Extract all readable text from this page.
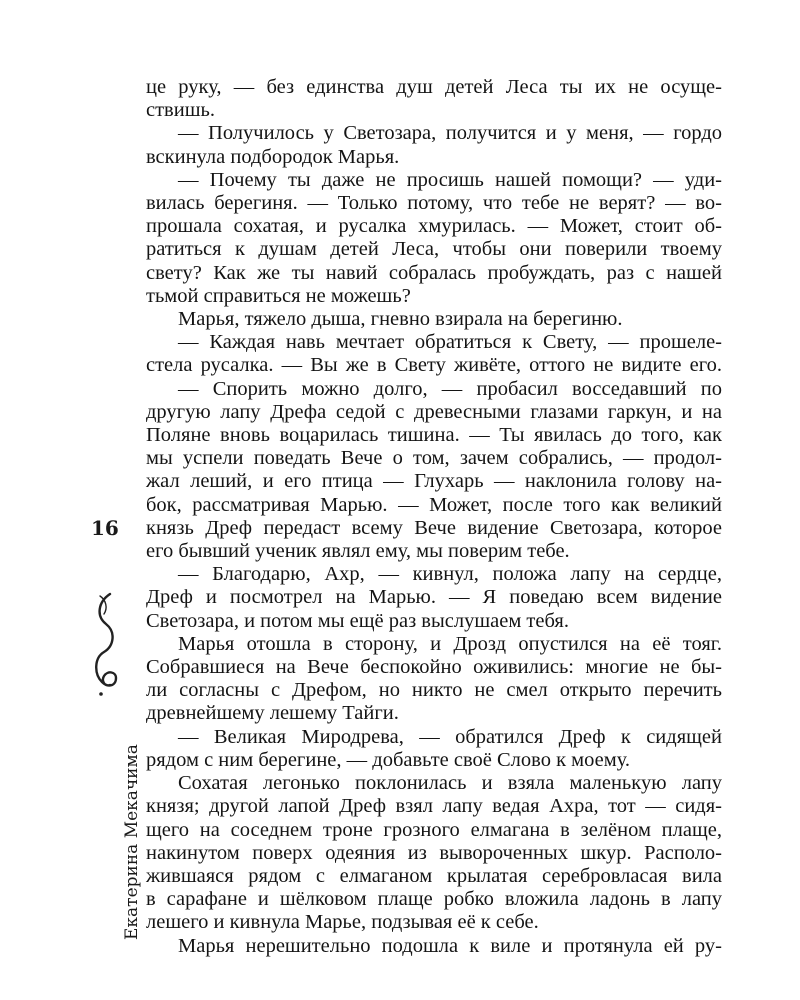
16
Екатерина Мекачима
це руку, — без единства душ детей Леса ты их не осуще-
ствишь.
— Получилось у Светозара, получится и у меня, — гордо
вскинула подбородок Марья.
— Почему ты даже не просишь нашей помощи? — уди-
вилась берегиня. — Только потому, что тебе не верят? — во-
прошала сохатая, и русалка хмурилась. — Может, стоит об-
ратиться к душам детей Леса, чтобы они поверили твоему
свету? Как же ты навий собралась пробуждать, раз с нашей
тьмой справиться не можешь?
Марья, тяжело дыша, гневно взирала на берегиню.
— Каждая навь мечтает обратиться к Свету, — прошеле-
стела русалка. — Вы же в Свету живёте, оттого не видите его.
— Спорить можно долго, — пробасил восседавший по
другую лапу Дрефа седой с древесными глазами гаркун, и на
Поляне вновь воцарилась тишина. — Ты явилась до того, как
мы успели поведать Вече о том, зачем собрались, — продол-
жал леший, и его птица — Глухарь — наклонила голову на-
бок, рассматривая Марью. — Может, после того как великий
князь Дреф передаст всему Вече видение Светозара, которое
его бывший ученик являл ему, мы поверим тебе.
— Благодарю, Ахр, — кивнул, положа лапу на сердце,
Дреф и посмотрел на Марью. — Я поведаю всем видение
Светозара, и потом мы ещё раз выслушаем тебя.
Марья отошла в сторону, и Дрозд опустился на её тояг.
Собравшиеся на Вече беспокойно оживились: многие не бы-
ли согласны с Дрефом, но никто не смел открыто перечить
древнейшему лешему Тайги.
— Великая Миродрева, — обратился Дреф к сидящей
рядом с ним берегине, — добавьте своё Слово к моему.
Сохатая легонько поклонилась и взяла маленькую лапу
князя; другой лапой Дреф взял лапу ведая Ахра, тот — сидя-
щего на соседнем троне грозного елмагана в зелёном плаще,
накинутом поверх одеяния из вывороченных шкур. Располо-
жившаяся рядом с елмаганом крылатая серебровласая вила
в сарафане и шёлковом плаще робко вложила ладонь в лапу
лешего и кивнула Марье, подзывая её к себе.
Марья нерешительно подошла к виле и протянула ей ру-
